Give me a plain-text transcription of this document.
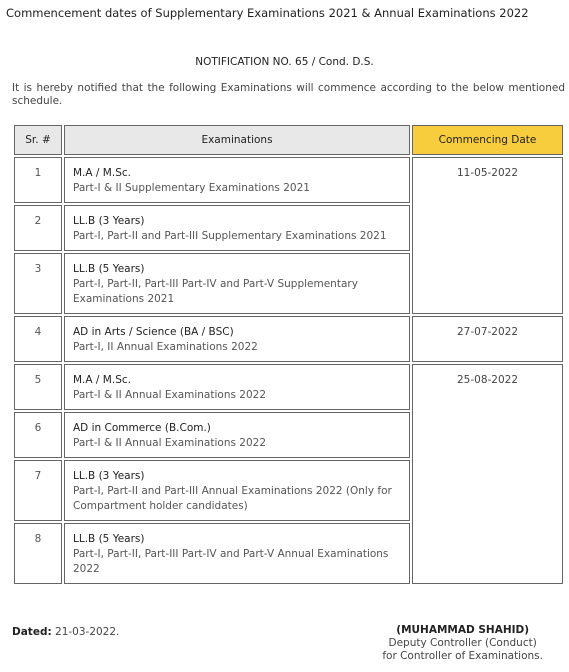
Commencement dates of Supplementary Examinations 2021 & Annual Examinations 2022
NOTIFICATION NO. 65 / Cond. D.S.
It is hereby notified that the following Examinations will commence according to the below mentioned schedule.
Sr. #	Examinations	Commencing Date
1	M.A / M.Sc.
Part-I & II Supplementary Examinations 2021	11-05-2022
2	LL.B (3 Years)
Part-I, Part-II and Part-III Supplementary Examinations 2021	

3	LL.B (5 Years)
Part-I, Part-II, Part-III Part-IV and Part-V Supplementary Examinations 2021	

4	AD in Arts / Science (BA / BSC)
Part-I, II Annual Examinations 2022	27-07-2022
5	M.A / M.Sc.
Part-I & II Annual Examinations 2022	25-08-2022
6	AD in Commerce (B.Com.)
Part-I & II Annual Examinations 2022	

7	LL.B (3 Years)
Part-I, Part-II and Part-III Annual Examinations 2022 (Only for Compartment holder candidates)	

8	LL.B (5 Years)
Part-I, Part-II, Part-III Part-IV and Part-V Annual Examinations 2022	
Dated: 21-03-2022.	(MUHAMMAD SHAHID)
Deputy Controller (Conduct)
for Controller of Examinations.
